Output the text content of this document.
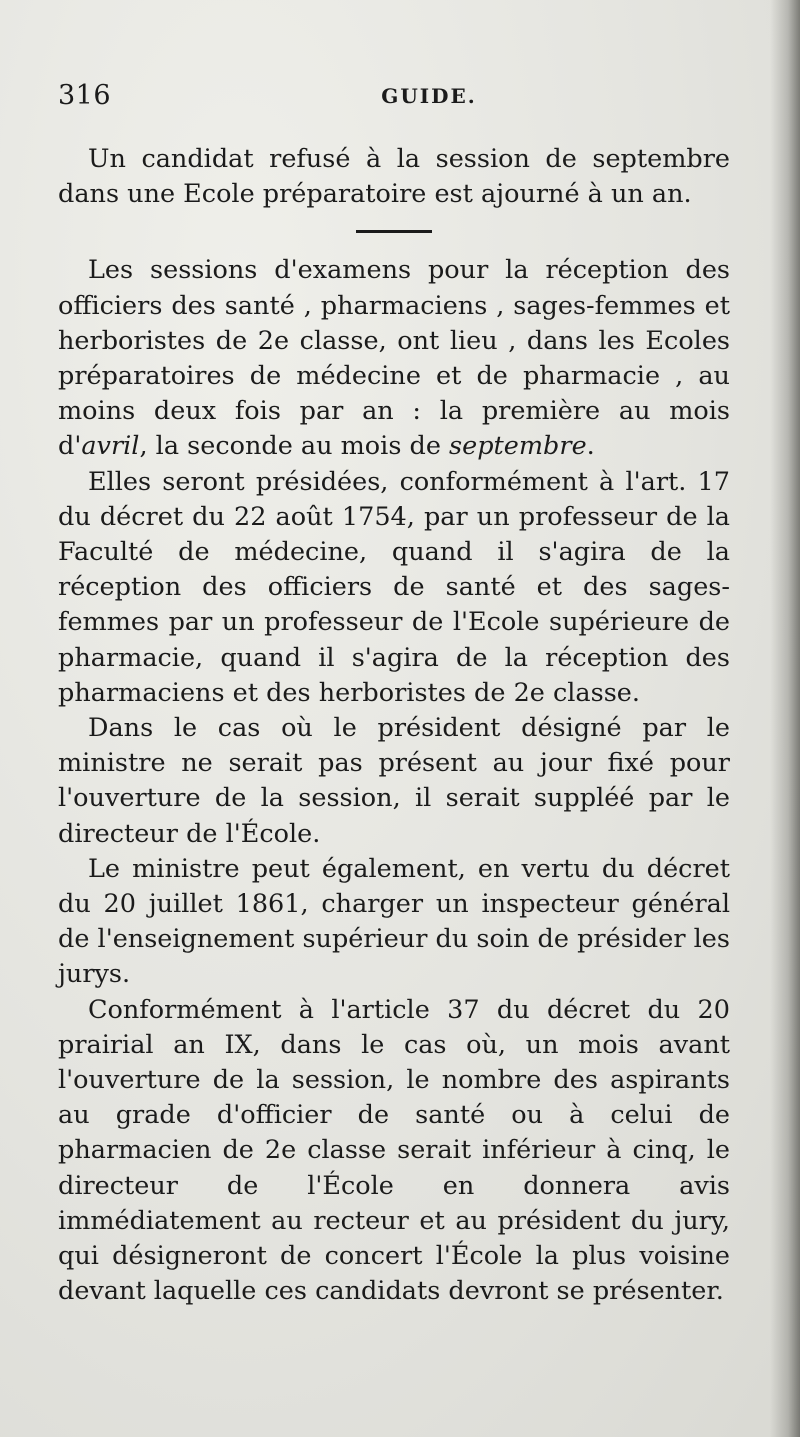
316	GUIDE.

Un candidat refusé à la session de septembre dans une Ecole préparatoire est ajourné à un an.

Les sessions d'examens pour la réception des officiers des santé , pharmaciens , sages-femmes et herboristes de 2e classe, ont lieu , dans les Ecoles préparatoires de médecine et de pharmacie , au moins deux fois par an : la première au mois d'avril, la seconde au mois de septembre.

Elles seront présidées, conformément à l'art. 17 du décret du 22 août 1754, par un professeur de la Faculté de médecine, quand il s'agira de la réception des officiers de santé et des sages-femmes par un professeur de l'Ecole supérieure de pharmacie, quand il s'agira de la réception des pharmaciens et des herboristes de 2e classe.

Dans le cas où le président désigné par le ministre ne serait pas présent au jour fixé pour l'ouverture de la session, il serait suppléé par le directeur de l'École.

Le ministre peut également, en vertu du décret du 20 juillet 1861, charger un inspecteur général de l'enseignement supérieur du soin de présider les jurys.

Conformément à l'article 37 du décret du 20 prairial an IX, dans le cas où, un mois avant l'ouverture de la session, le nombre des aspirants au grade d'officier de santé ou à celui de pharmacien de 2e classe serait inférieur à cinq, le directeur de l'École en donnera avis immédiatement au recteur et au président du jury, qui désigneront de concert l'École la plus voisine devant laquelle ces candidats devront se présenter.
